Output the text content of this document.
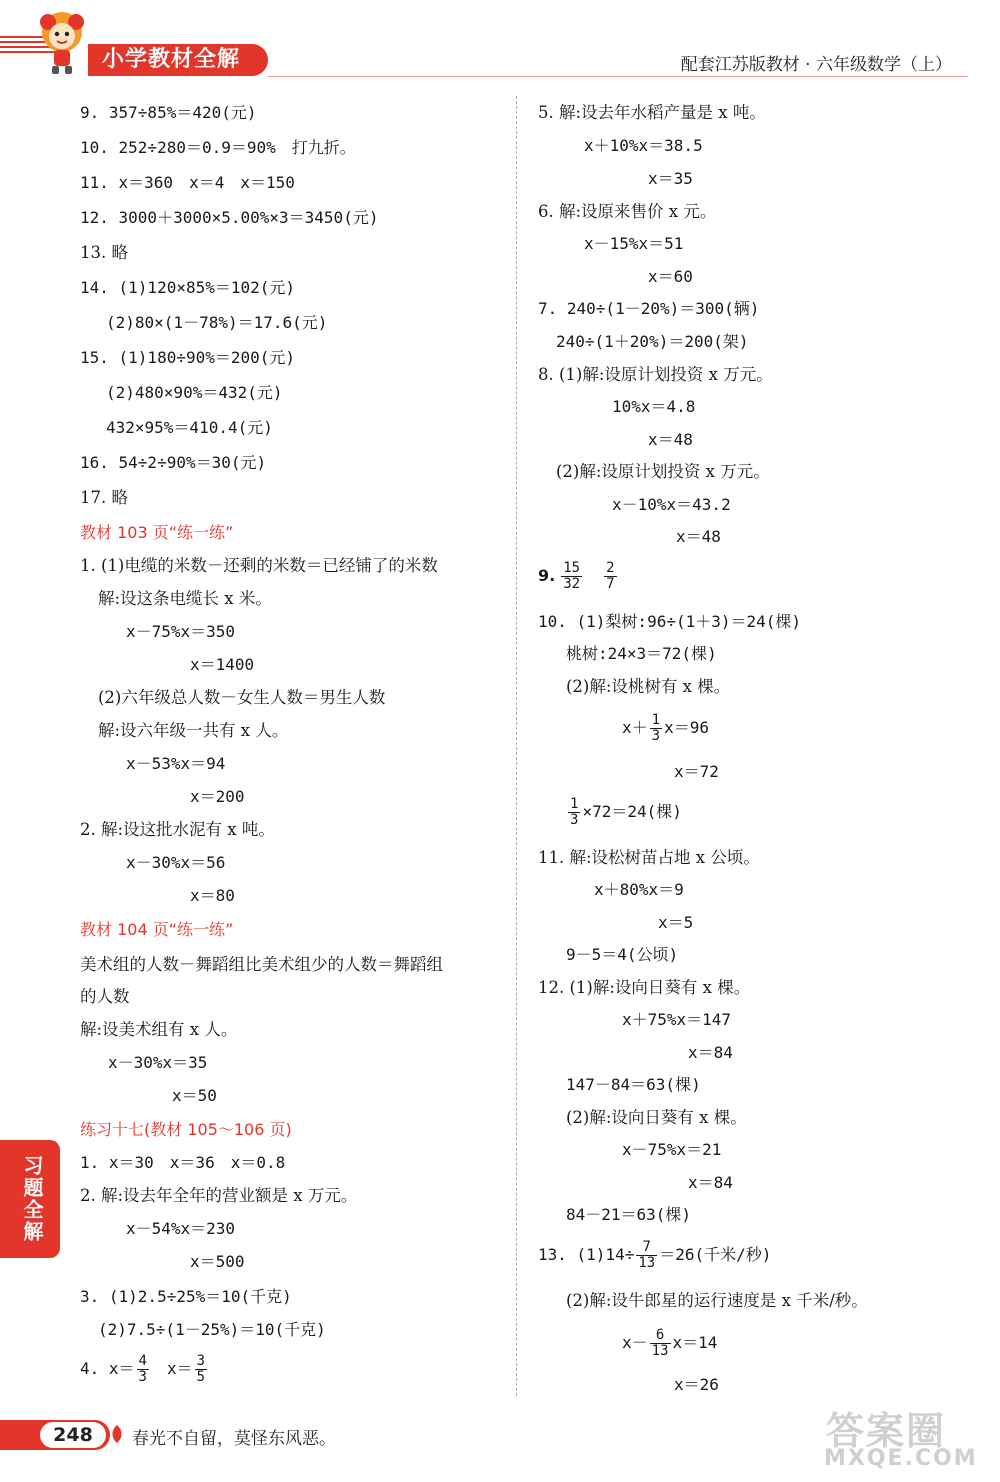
小学教材全解	配套江苏版教材 · 六年级数学（上）
9. 357÷85%＝420(元)
10. 252÷280＝0.9＝90%　打九折。
11. x＝360　x＝4　x＝150
12. 3000＋3000×5.00%×3＝3450(元)
13. 略
14. (1)120×85%＝102(元)
(2)80×(1－78%)＝17.6(元)
15. (1)180÷90%＝200(元)
(2)480×90%＝432(元)
432×95%＝410.4(元)
16. 54÷2÷90%＝30(元)
17. 略
教材 103 页“练一练”
1. (1)电缆的米数－还剩的米数＝已经铺了的米数
解:设这条电缆长 x 米。
x－75%x＝350
x＝1400
(2)六年级总人数－女生人数＝男生人数
解:设六年级一共有 x 人。
x－53%x＝94
x＝200
2. 解:设这批水泥有 x 吨。
x－30%x＝56
x＝80
教材 104 页“练一练”
美术组的人数－舞蹈组比美术组少的人数＝舞蹈组
的人数
解:设美术组有 x 人。
x－30%x＝35
x＝50
练习十七(教材 105～106 页)
1. x＝30　x＝36　x＝0.8
2. 解:设去年全年的营业额是 x 万元。
x－54%x＝230
x＝500
3. (1)2.5÷25%＝10(千克)
(2)7.5÷(1－25%)＝10(千克)
4. $x= \frac{4}{3}$ 　$x= \frac{3}{5}$
5. 解:设去年水稻产量是 x 吨。
x＋10%x＝38.5
x＝35
6. 解:设原来售价 x 元。
x－15%x＝51
x＝60
7. 240÷(1－20%)＝300(辆)
240÷(1＋20%)＝200(架)
8. (1)解:设原计划投资 x 万元。
10%x＝4.8
x＝48
(2)解:设原计划投资 x 万元。
x－10%x＝43.2
x＝48
9. $\frac{15}{32} \frac{2}{7}$
10. (1)梨树:96÷(1＋3)＝24(棵)
桃树:24×3＝72(棵)
(2)解:设桃树有 x 棵。
$x+ \frac{1}{3} x=96$
x＝72
$\frac{1}{3} \times 72=24$(棵)
11. 解:设松树苗占地 x 公顷。
x＋80%x＝9
x＝5
9－5＝4(公顷)
12. (1)解:设向日葵有 x 棵。
x＋75%x＝147
x＝84
147－84＝63(棵)
(2)解:设向日葵有 x 棵。
x－75%x＝21
x＝84
84－21＝63(棵)
13. $(1)14\div \frac{7}{13} =26$(千米/秒)
(2)解:设牛郎星的运行速度是 x 千米/秒。
$x- \frac{6}{13} x=14$
x＝26
习题全解
248	春光不自留，莫怪东风恶。	答案圈
MXQE.COM
